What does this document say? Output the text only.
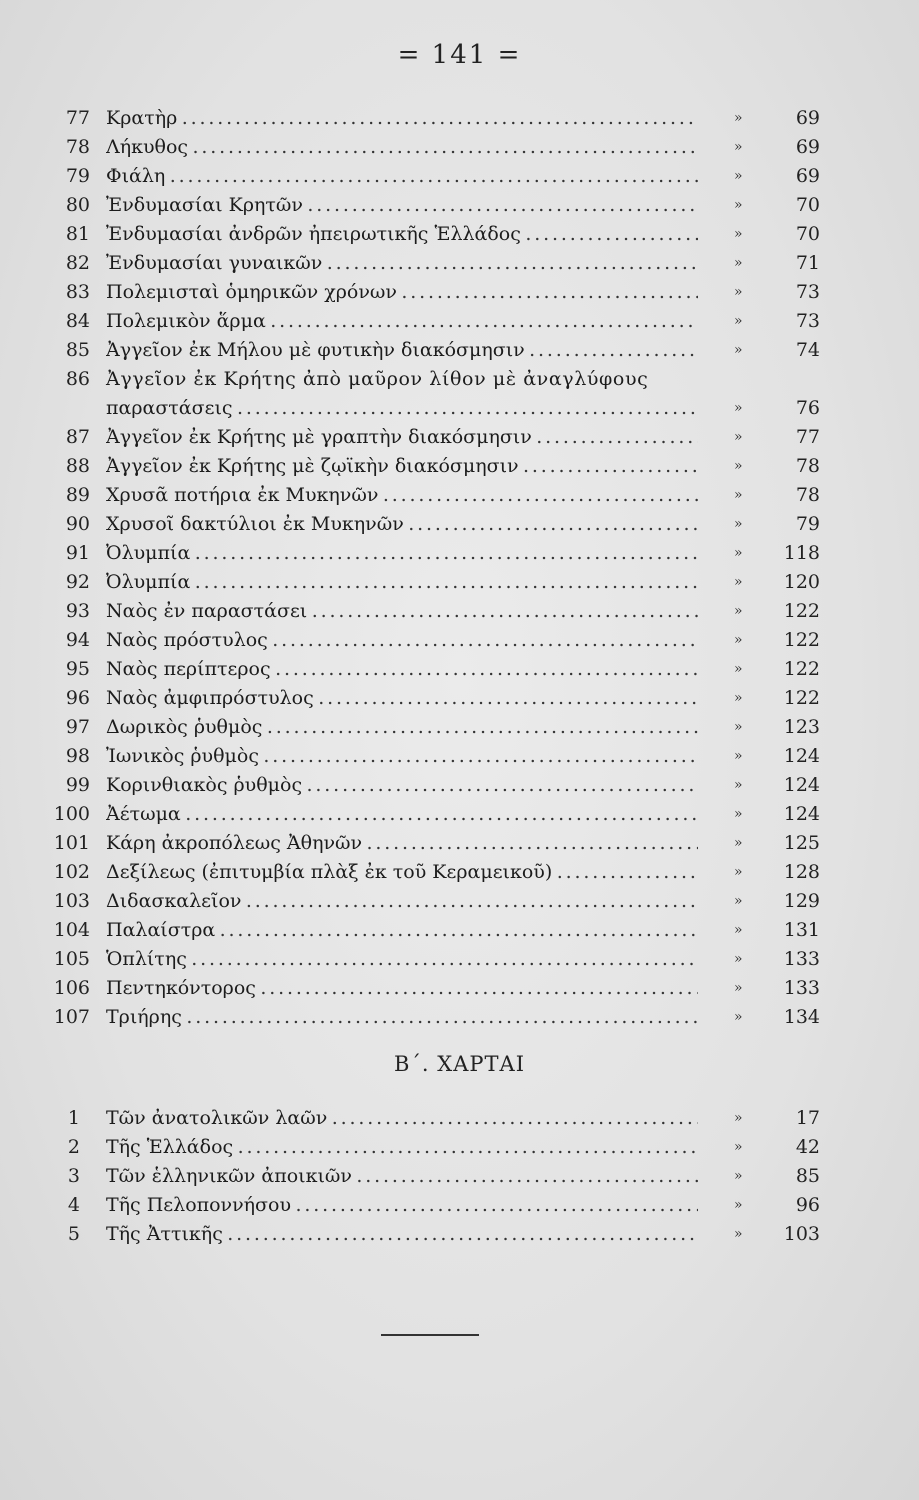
= 141 =
77 Κρατὴρ . . .	»	69
78 Λήκυθος . . .	»	69
79 Φιάλη . . .	»	69
80 Ἐνδυμασίαι Κρητῶν . . .	»	70
81 Ἐνδυμασίαι ἀνδρῶν ἠπειρωτικῆς Ἑλλάδος . . .	»	70
82 Ἐνδυμασίαι γυναικῶν . . .	»	71
83 Πολεμισταὶ ὁμηρικῶν χρόνων . . .	»	73
84 Πολεμικὸν ἅρμα . . .	»	73
85 Ἀγγεῖον ἐκ Μήλου μὲ φυτικὴν διακόσμησιν . . .	»	74
86 Ἀγγεῖον ἐκ Κρήτης ἀπὸ μαῦρον λίθον μὲ ἀναγλύφους
παραστάσεις . . .	»	76
87 Ἀγγεῖον ἐκ Κρήτης μὲ γραπτὴν διακόσμησιν . . .	»	77
88 Ἀγγεῖον ἐκ Κρήτης μὲ ζῳϊκὴν διακόσμησιν . . .	»	78
89 Χρυσᾶ ποτήρια ἐκ Μυκηνῶν . . .	»	78
90 Χρυσοῖ δακτύλιοι ἐκ Μυκηνῶν . . .	»	79
91 Ὀλυμπία . . .	»	118
92 Ὀλυμπία . . .	»	120
93 Ναὸς ἐν παραστάσει . . .	»	122
94 Ναὸς πρόστυλος . . .	»	122
95 Ναὸς περίπτερος . . .	»	122
96 Ναὸς ἀμφιπρόστυλος . . .	»	122
97 Δωρικὸς ῥυθμὸς . . .	»	123
98 Ἰωνικὸς ῥυθμὸς . . .	»	124
99 Κορινθιακὸς ῥυθμὸς . . .	»	124
100 Ἀέτωμα . . .	»	124
101 Κάρη ἀκροπόλεως Ἀθηνῶν . . .	»	125
102 Δεξίλεως (ἐπιτυμβία πλὰξ ἐκ τοῦ Κεραμεικοῦ) . . .	»	128
103 Διδασκαλεῖον . . .	»	129
104 Παλαίστρα . . .	»	131
105 Ὁπλίτης . . .	»	133
106 Πεντηκόντορος . . .	»	133
107 Τριήρης . . .	»	134
Β΄. ΧΑΡΤΑΙ
1 Τῶν ἀνατολικῶν λαῶν . . .	»	17
2 Τῆς Ἑλλάδος . . .	»	42
3 Τῶν ἑλληνικῶν ἀποικιῶν . . .	»	85
4 Τῆς Πελοποννήσου . . .	»	96
5 Τῆς Ἀττικῆς . . .	»	103
